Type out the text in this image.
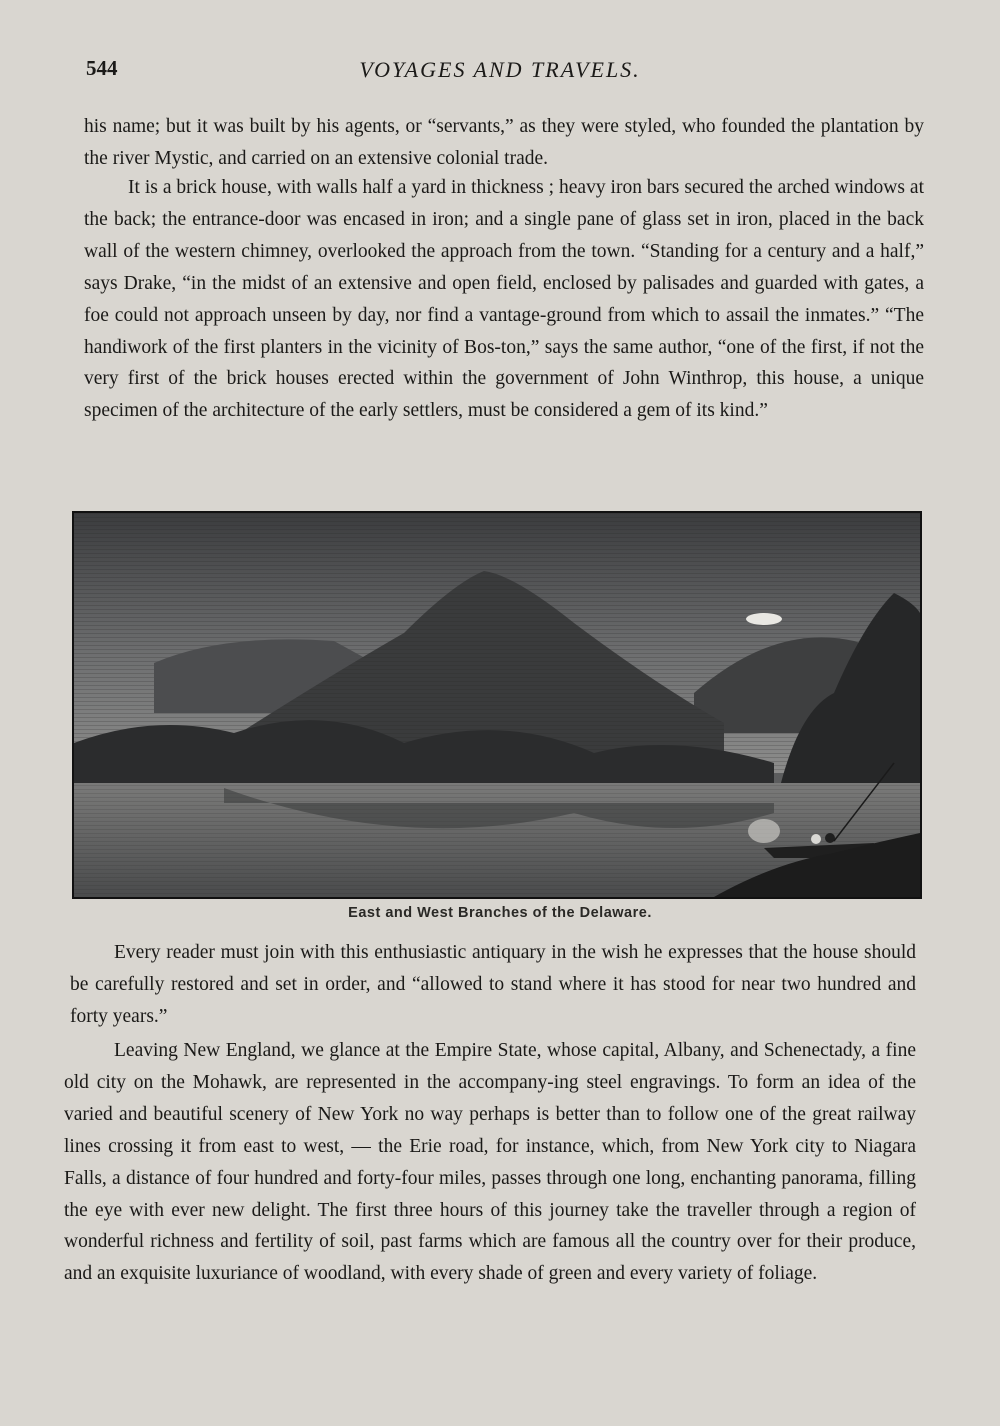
544	VOYAGES AND TRAVELS.

his name; but it was built by his agents, or “servants,” as they were styled, who founded the plantation by the river Mystic, and carried on an extensive colonial trade.

It is a brick house, with walls half a yard in thickness ; heavy iron bars secured the arched windows at the back; the entrance-door was encased in iron; and a single pane of glass set in iron, placed in the back wall of the western chimney, overlooked the approach from the town. “Standing for a century and a half,” says Drake, “in the midst of an extensive and open field, enclosed by palisades and guarded with gates, a foe could not approach unseen by day, nor find a vantage-ground from which to assail the inmates.” “The handiwork of the first planters in the vicinity of Bos-ton,” says the same author, “one of the first, if not the very first of the brick houses erected within the government of John Winthrop, this house, a unique specimen of the architecture of the early settlers, must be considered a gem of its kind.”

East and West Branches of the Delaware.

Every reader must join with this enthusiastic antiquary in the wish he expresses that the house should be carefully restored and set in order, and “allowed to stand where it has stood for near two hundred and forty years.”

Leaving New England, we glance at the Empire State, whose capital, Albany, and Schenectady, a fine old city on the Mohawk, are represented in the accompany-ing steel engravings. To form an idea of the varied and beautiful scenery of New York no way perhaps is better than to follow one of the great railway lines crossing it from east to west, — the Erie road, for instance, which, from New York city to Niagara Falls, a distance of four hundred and forty-four miles, passes through one long, enchanting panorama, filling the eye with ever new delight. The first three hours of this journey take the traveller through a region of wonderful richness and fertility of soil, past farms which are famous all the country over for their produce, and an exquisite luxuriance of woodland, with every shade of green and every variety of foliage.
